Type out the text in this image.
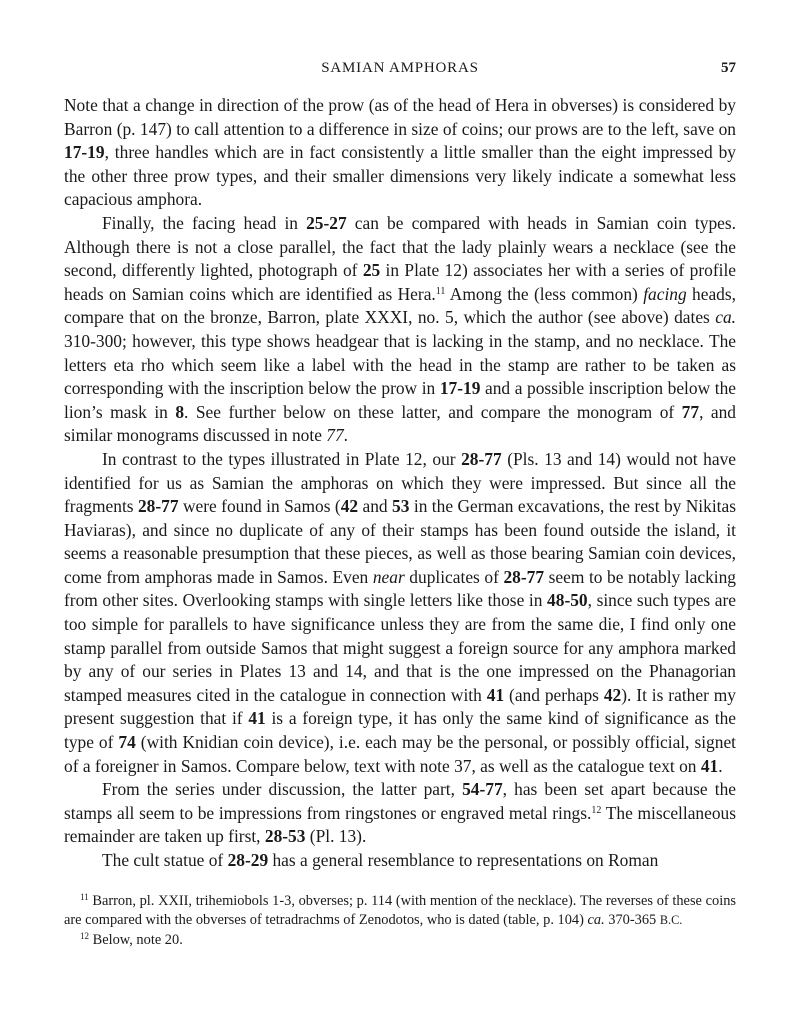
SAMIAN AMPHORAS	57

Note that a change in direction of the prow (as of the head of Hera in obverses) is considered by Barron (p. 147) to call attention to a difference in size of coins; our prows are to the left, save on 17-19, three handles which are in fact consistently a little smaller than the eight impressed by the other three prow types, and their smaller dimensions very likely indicate a somewhat less capacious amphora.

Finally, the facing head in 25-27 can be compared with heads in Samian coin types. Although there is not a close parallel, the fact that the lady plainly wears a necklace (see the second, differently lighted, photograph of 25 in Plate 12) associates her with a series of profile heads on Samian coins which are identified as Hera.$^{11}$ Among the (less common) facing heads, compare that on the bronze, Barron, plate XXXI, no. 5, which the author (see above) dates ca. 310-300; however, this type shows headgear that is lacking in the stamp, and no necklace. The letters eta rho which seem like a label with the head in the stamp are rather to be taken as corresponding with the inscription below the prow in 17-19 and a possible inscription below the lion’s mask in 8. See further below on these latter, and compare the monogram of 77, and similar monograms discussed in note 77.

In contrast to the types illustrated in Plate 12, our 28-77 (Pls. 13 and 14) would not have identified for us as Samian the amphoras on which they were impressed. But since all the fragments 28-77 were found in Samos (42 and 53 in the German excavations, the rest by Nikitas Haviaras), and since no duplicate of any of their stamps has been found outside the island, it seems a reasonable presumption that these pieces, as well as those bearing Samian coin devices, come from amphoras made in Samos. Even near duplicates of 28-77 seem to be notably lacking from other sites. Overlooking stamps with single letters like those in 48-50, since such types are too simple for parallels to have significance unless they are from the same die, I find only one stamp parallel from outside Samos that might suggest a foreign source for any amphora marked by any of our series in Plates 13 and 14, and that is the one impressed on the Phanagorian stamped measures cited in the catalogue in connection with 41 (and perhaps 42). It is rather my present suggestion that if 41 is a foreign type, it has only the same kind of significance as the type of 74 (with Knidian coin device), i.e. each may be the personal, or possibly official, signet of a foreigner in Samos. Compare below, text with note 37, as well as the catalogue text on 41.

From the series under discussion, the latter part, 54-77, has been set apart because the stamps all seem to be impressions from ringstones or engraved metal rings.$^{12}$ The miscellaneous remainder are taken up first, 28-53 (Pl. 13).

The cult statue of 28-29 has a general resemblance to representations on Roman

$^{11}$ Barron, pl. XXII, trihemiobols 1-3, obverses; p. 114 (with mention of the necklace). The reverses of these coins are compared with the obverses of tetradrachms of Zenodotos, who is dated (table, p. 104) ca. 370-365 B.C.

$^{12}$ Below, note 20.
